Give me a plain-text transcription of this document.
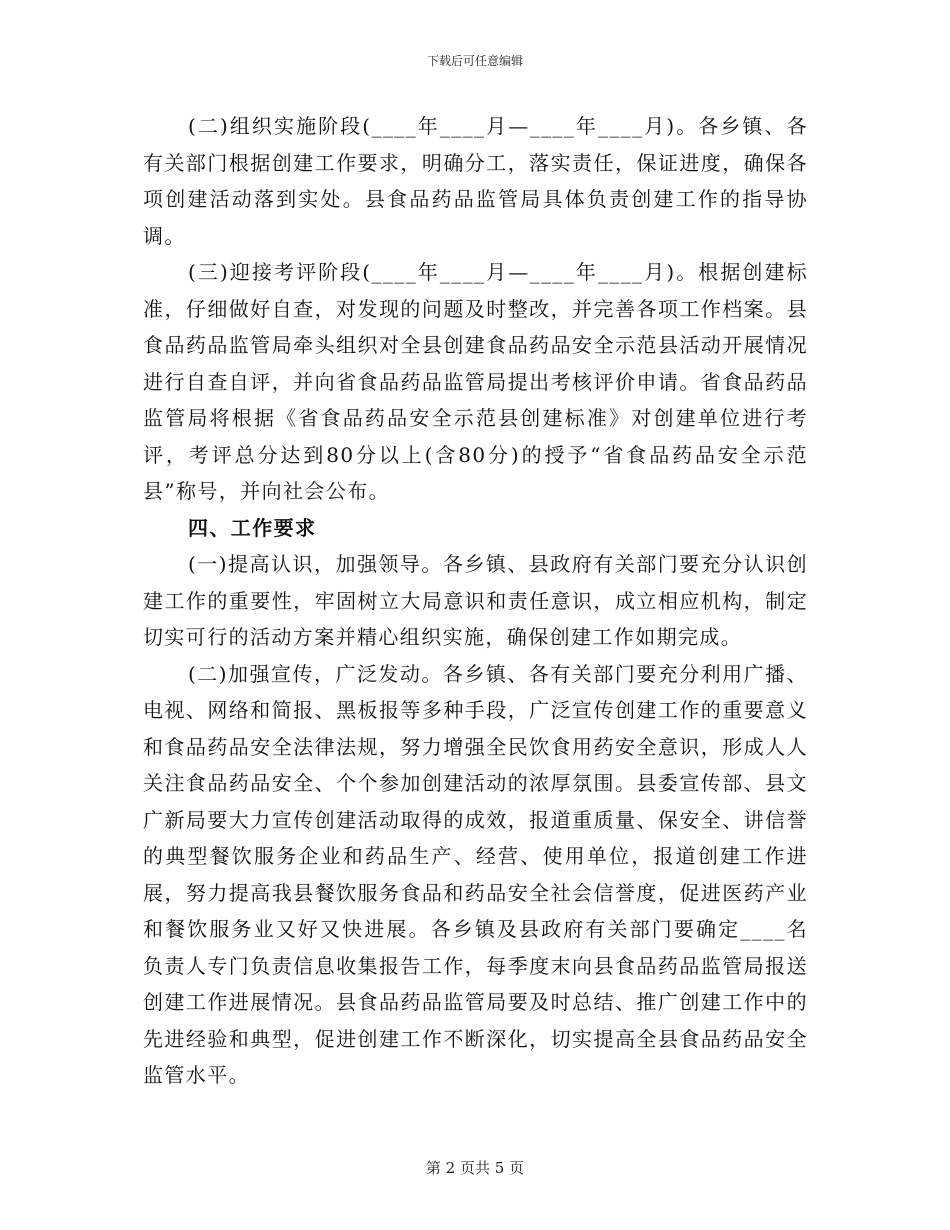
下载后可任意编辑

(二)组织实施阶段(____年____月—____年____月)。各乡镇、各有关部门根据创建工作要求，明确分工，落实责任，保证进度，确保各项创建活动落到实处。县食品药品监管局具体负责创建工作的指导协调。

(三)迎接考评阶段(____年____月—____年____月)。根据创建标准，仔细做好自查，对发现的问题及时整改，并完善各项工作档案。县食品药品监管局牵头组织对全县创建食品药品安全示范县活动开展情况进行自查自评，并向省食品药品监管局提出考核评价申请。省食品药品监管局将根据《省食品药品安全示范县创建标准》对创建单位进行考评，考评总分达到80分以上(含80分)的授予“省食品药品安全示范县”称号，并向社会公布。

四、工作要求

(一)提高认识，加强领导。各乡镇、县政府有关部门要充分认识创建工作的重要性，牢固树立大局意识和责任意识，成立相应机构，制定切实可行的活动方案并精心组织实施，确保创建工作如期完成。

(二)加强宣传，广泛发动。各乡镇、各有关部门要充分利用广播、电视、网络和简报、黑板报等多种手段，广泛宣传创建工作的重要意义和食品药品安全法律法规，努力增强全民饮食用药安全意识，形成人人关注食品药品安全、个个参加创建活动的浓厚氛围。县委宣传部、县文广新局要大力宣传创建活动取得的成效，报道重质量、保安全、讲信誉的典型餐饮服务企业和药品生产、经营、使用单位，报道创建工作进展，努力提高我县餐饮服务食品和药品安全社会信誉度，促进医药产业和餐饮服务业又好又快进展。各乡镇及县政府有关部门要确定____名负责人专门负责信息收集报告工作，每季度末向县食品药品监管局报送创建工作进展情况。县食品药品监管局要及时总结、推广创建工作中的先进经验和典型，促进创建工作不断深化，切实提高全县食品药品安全监管水平。

第 2 页共 5 页
